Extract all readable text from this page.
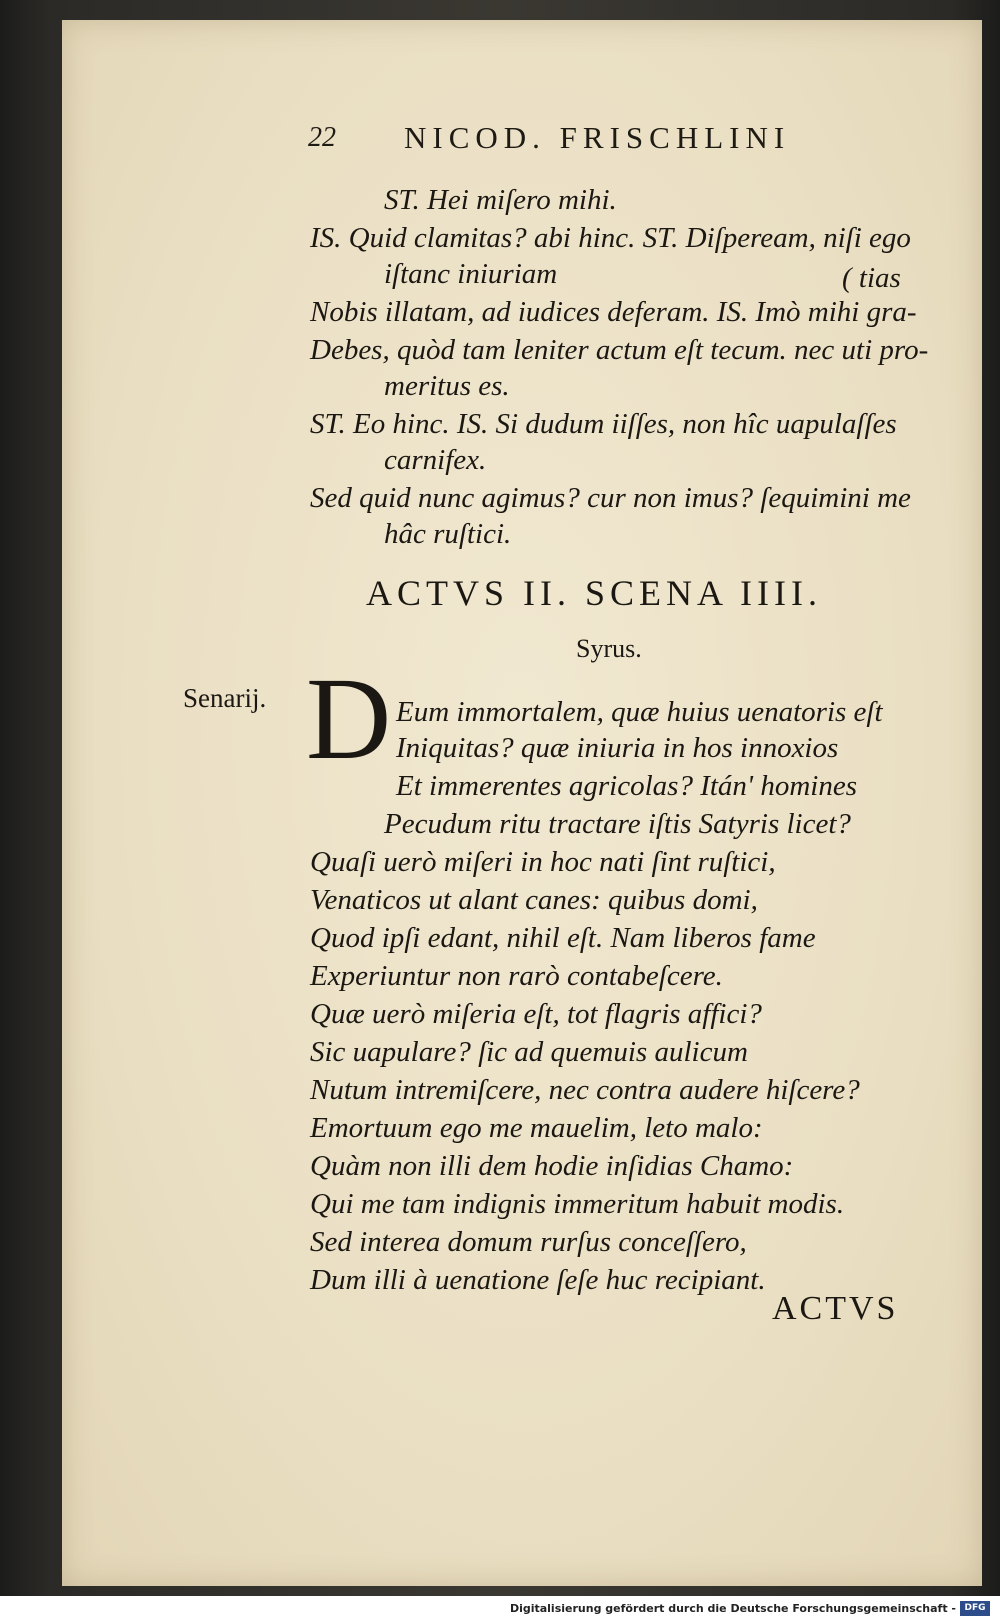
22 NICOD. FRISCHLINI
ST. Hei miſero mihi.
IS. Quid clamitas? abi hinc. ST. Diſpeream, niſi ego
iſtanc iniuriam	( tias
Nobis illatam, ad iudices deferam. IS. Imò mihi gra-
Debes, quòd tam leniter actum eſt tecum. nec uti pro-
meritus es.
ST. Eo hinc. IS. Si dudum iiſſes, non hîc uapulaſſes
carnifex.
Sed quid nunc agimus? cur non imus? ſequimini me
hâc ruſtici.
ACTVS II. SCENA IIII.
Syrus.
Senarij. D Eum immortalem, quæ huius uenatoris eſt
Iniquitas? quæ iniuria in hos innoxios
Et immerentes agricolas? Itán' homines
Pecudum ritu tractare iſtis Satyris licet?
Quaſi uerò miſeri in hoc nati ſint ruſtici,
Venaticos ut alant canes: quibus domi,
Quod ipſi edant, nihil eſt. Nam liberos fame
Experiuntur non rarò contabeſcere.
Quæ uerò miſeria eſt, tot flagris affici?
Sic uapulare? ſic ad quemuis aulicum
Nutum intremiſcere, nec contra audere hiſcere?
Emortuum ego me mauelim, leto malo:
Quàm non illi dem hodie inſidias Chamo:
Qui me tam indignis immeritum habuit modis.
Sed interea domum rurſus conceſſero,
Dum illi à uenatione ſeſe huc recipiant.
ACTVS
Digitalisierung gefördert durch die Deutsche Forschungsgemeinschaft - DFG
